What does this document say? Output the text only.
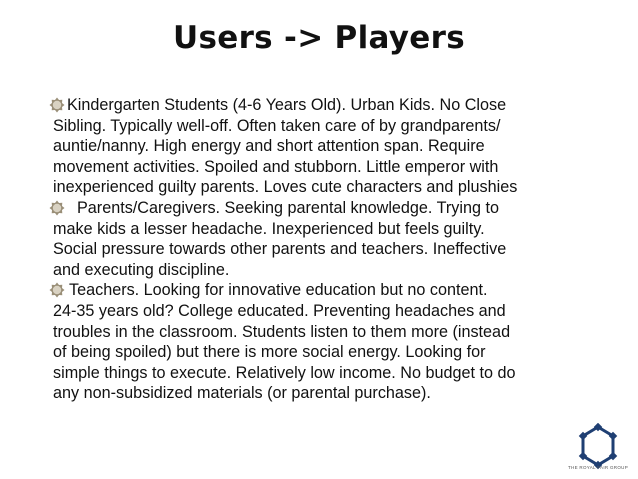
Users -> Players

Kindergarten Students (4-6 Years Old). Urban Kids. No Close
Sibling. Typically well-off. Often taken care of by grandparents/
auntie/nanny. High energy and short attention span. Require
movement activities. Spoiled and stubborn. Little emperor with
inexperienced guilty parents. Loves cute characters and plushies

Parents/Caregivers. Seeking parental knowledge. Trying to
make kids a lesser headache. Inexperienced but feels guilty.
Social pressure towards other parents and teachers. Ineffective
and executing discipline.

Teachers. Looking for innovative education but no content.
24-35 years old? College educated. Preventing headaches and
troubles in the classroom. Students listen to them more (instead
of being spoiled) but there is more social energy. Looking for
simple things to execute. Relatively low income. No budget to do
any non-subsidized materials (or parental purchase).

THE ROYAL FAIR GROUP
